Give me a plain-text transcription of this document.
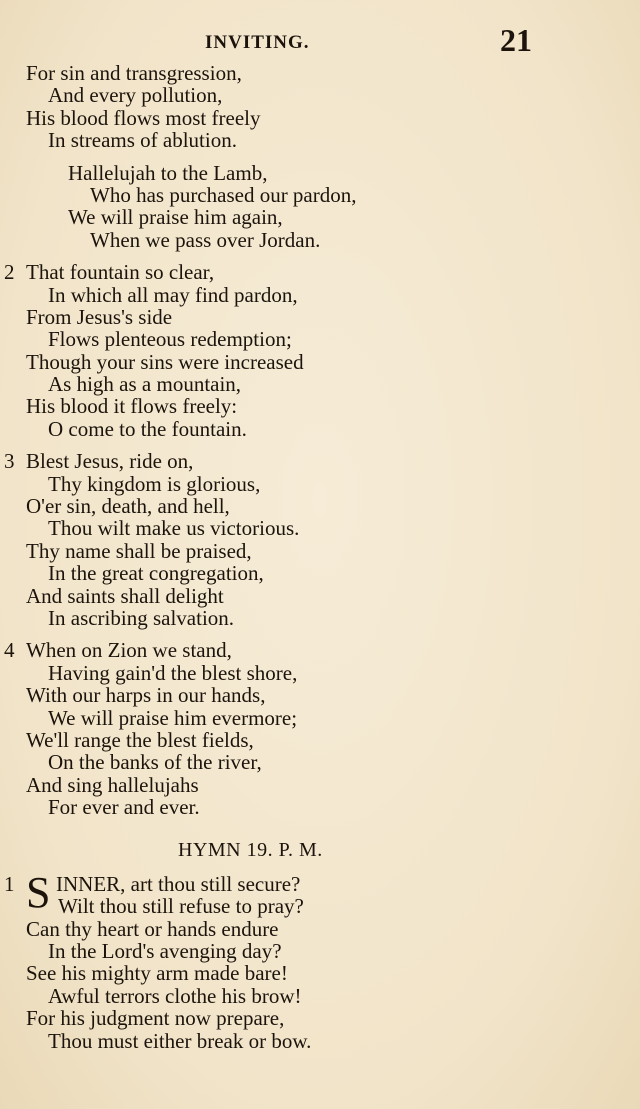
INVITING.	21
For sin and transgression,
And every pollution,
His blood flows most freely
In streams of ablution.
Hallelujah to the Lamb,
Who has purchased our pardon,
We will praise him again,
When we pass over Jordan.
2 That fountain so clear,
In which all may find pardon,
From Jesus's side
Flows plenteous redemption;
Though your sins were increased
As high as a mountain,
His blood it flows freely:
O come to the fountain.
3 Blest Jesus, ride on,
Thy kingdom is glorious,
O'er sin, death, and hell,
Thou wilt make us victorious.
Thy name shall be praised,
In the great congregation,
And saints shall delight
In ascribing salvation.
4 When on Zion we stand,
Having gain'd the blest shore,
With our harps in our hands,
We will praise him evermore;
We'll range the blest fields,
On the banks of the river,
And sing hallelujahs
For ever and ever.
HYMN 19. P. M.
1 S INNER, art thou still secure?
Wilt thou still refuse to pray?
Can thy heart or hands endure
In the Lord's avenging day?
See his mighty arm made bare!
Awful terrors clothe his brow!
For his judgment now prepare,
Thou must either break or bow.
